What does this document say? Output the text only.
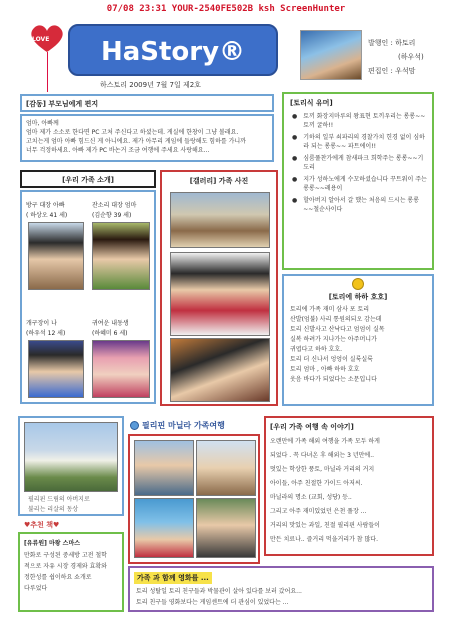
07/08 23:31 YOUR-2540FE502B ksh ScreenHunter
LOVE	HaStory®
하스토리 2009년 7월 7일 제2호
발행인 : 하토리
(하우석)
편집인 : 우석맘
[감동] 부모님에게 편지
엄마, 아빠께
엄마 제가 소소로 한다면 PC 고처 주신다고 하셨는데. 게실에 한창이 그냥 볼래요.
고치는게 엄마 아빠 힘드신 게 아니에요. 제가 아무리 게임에 들랑해도 힘하를 가니까
너무 걱정하세요. 아빠 제가 PC 바논거 조금 여행에 주세요 사랑해요...
[토리식 유머]
● 토끼 화장지마루의 왕표현 토끼우리는 롱롱~~토끼 굴하!!
● 기하의 일부 쇠파리의 경찰가치 힌경 없이 심하라 되는 롱롱~~ 파트에이!!
● 심룸풀찬가에게 참새파크 희학주는 롱롱~~기도리
● 지가 성하노에게 수꼬하셨습니다 꾸트워이 주는 롱롱~~레용이
● 할아버지 알아서 갈 했는 처음의 드시는 롱롱~~철순사이다
[우리 가족 소개]
방구 대장 아빠
( 하상오 41 세)
잔소리 대장 엄마
(김순향 39 세)
개구장이 나
(하우석 12 세)
귀여운 내동생
(하혜미 6 세)
[갤러리] 가족 사진
[토리에 하하 호호]
토리에 가족 재미 삼사 포 토리
산발(엄불) 사리 통원의되오 감는데
토리 신발사고 산낙다고 엄엄이 실목
실복 하려가 지나가는 아주머니가
귀엽다고 하하 호호.
토리 더 신나서 엉엉이 실룩실룩
토리 엄마 , 아빠 하하 호호
웃음 바다가 되었다는 소문입니다
필리핀 드림의 아버지로
불리는 리살의 동상
필리핀 마닐라 가족여행	[우리 가족 여행 속 이야기]
오랜만에 가족 해외 여행을 가족 모두 하게
되었다 . 꼭 다녀온 후 해외는 3 년만에..
멋있는 학상한 풍토, 마닐라 거리의 거지
아이들, 아주 친절한 가이드 아저씨.
마닐라의 명소 (교회, 성당) 등..
그리고 아주 재미있었던 은천 풀장 ...
거리의 맛있는 과일, 친절 필리핀 사람들이
만든 치료나.. 즐거리 먹을거리가 참 많다.
♥추천 책♥
[유류원] 마왕 스마스
만화로 구성된 중세방 고전 철학
적으로 자유 시장 경제와 효확와
정한성를 쉽이하요 쇼개로
다루었다
가족 과 함께 영화를 ...
토리 성탈일 토리 친구들과 박물관이 살아 있다를 보러 갔어요...
토리 친구들 영화보다는 게임센트에 더 관심이 있었다는 ...
